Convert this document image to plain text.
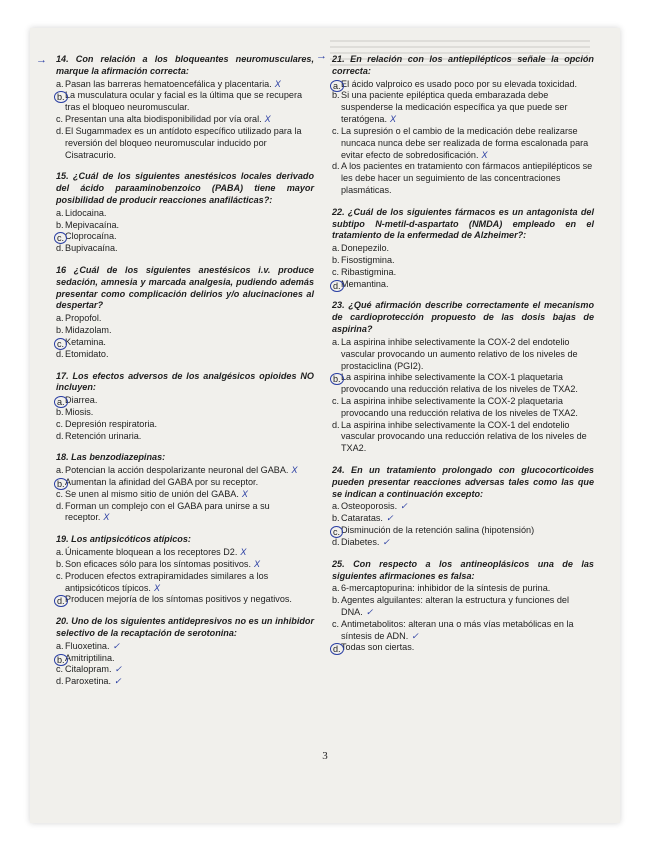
→	→
14. Con relación a los bloqueantes neuromusculares, marque la afirmación correcta:
a. Pasan las barreras hematoencefálica y placentaria. X
b. La musculatura ocular y facial es la última que se recupera tras el bloqueo neuromuscular.
c. Presentan una alta biodisponibilidad por vía oral. X
d. El Sugammadex es un antídoto específico utilizado para la reversión del bloqueo neuromuscular inducido por Cisatracurio.
15. ¿Cuál de los siguientes anestésicos locales derivado del ácido paraaminobenzoico (PABA) tiene mayor posibilidad de producir reacciones anafilácticas?:
a. Lidocaina.
b. Mepivacaína.
c. Cloprocaína.
d. Bupivacaína.
16 ¿Cuál de los siguientes anestésicos i.v. produce sedación, amnesia y marcada analgesia, pudiendo además presentar como complicación delirios y/o alucinaciones al despertar?
a. Propofol.
b. Midazolam.
c. Ketamina.
d. Etomidato.
17. Los efectos adversos de los analgésicos opioides NO incluyen:
a. Diarrea.
b. Miosis.
c. Depresión respiratoria.
d. Retención urinaria.
18. Las benzodiazepinas:
a. Potencian la acción despolarizante neuronal del GABA. X
b. Aumentan la afinidad del GABA por su receptor.
c. Se unen al mismo sitio de unión del GABA. X
d. Forman un complejo con el GABA para unirse a su receptor. X
19. Los antipsicóticos atípicos:
a. Únicamente bloquean a los receptores D2. X
b. Son eficaces sólo para los síntomas positivos. X
c. Producen efectos extrapiramidades similares a los antipsicóticos típicos. X
d. Producen mejoría de los síntomas positivos y negativos.
20. Uno de los siguientes antidepresivos no es un inhibidor selectivo de la recaptación de serotonina:
a. Fluoxetina. ✓
b. Amitriptilina.
c. Citalopram. ✓
d. Paroxetina. ✓
21. En relación con los antiepilépticos señale la opción correcta:
a. El ácido valproico es usado poco por su elevada toxicidad.
b. Si una paciente epiléptica queda embarazada debe suspenderse la medicación específica ya que puede ser teratógena. X
c. La supresión o el cambio de la medicación debe realizarse nuncaca nunca debe ser realizada de forma escalonada para evitar efecto de sobredosificación. X
d. A los pacientes en tratamiento con fármacos antiepilépticos se les debe hacer un seguimiento de las concentraciones plasmáticas.
22. ¿Cuál de los siguientes fármacos es un antagonista del subtipo N-metil-d-aspartato (NMDA) empleado en el tratamiento de la enfermedad de Alzheimer?:
a. Donepezilo.
b. Fisostigmina.
c. Ribastigmina.
d. Memantina.
23. ¿Qué afirmación describe correctamente el mecanismo de cardioprotección propuesto de las dosis bajas de aspirina?
a. La aspirina inhibe selectivamente la COX-2 del endotelio vascular provocando un aumento relativo de los niveles de prostaciclina (PGI2).
b. La aspirina inhibe selectivamente la COX-1 plaquetaria provocando una reducción relativa de los niveles de TXA2.
c. La aspirina inhibe selectivamente la COX-2 plaquetaria provocando una reducción relativa de los niveles de TXA2.
d. La aspirina inhibe selectivamente la COX-1 del endotelio vascular provocando una reducción relativa de los niveles de TXA2.
24. En un tratamiento prolongado con glucocorticoides pueden presentar reacciones adversas tales como las que se indican a continuación excepto:
a. Osteoporosis. ✓
b. Cataratas. ✓
c. Disminución de la retención salina (hipotensión)
d. Diabetes. ✓
25. Con respecto a los antineoplásicos una de las siguientes afirmaciones es falsa:
a. 6-mercaptopurina: inhibidor de la síntesis de purina.
b. Agentes alguilantes: alteran la estructura y funciones del DNA. ✓
c. Antimetabolitos: alteran una o más vías metabólicas en la síntesis de ADN. ✓
d. Todas son ciertas.
3
